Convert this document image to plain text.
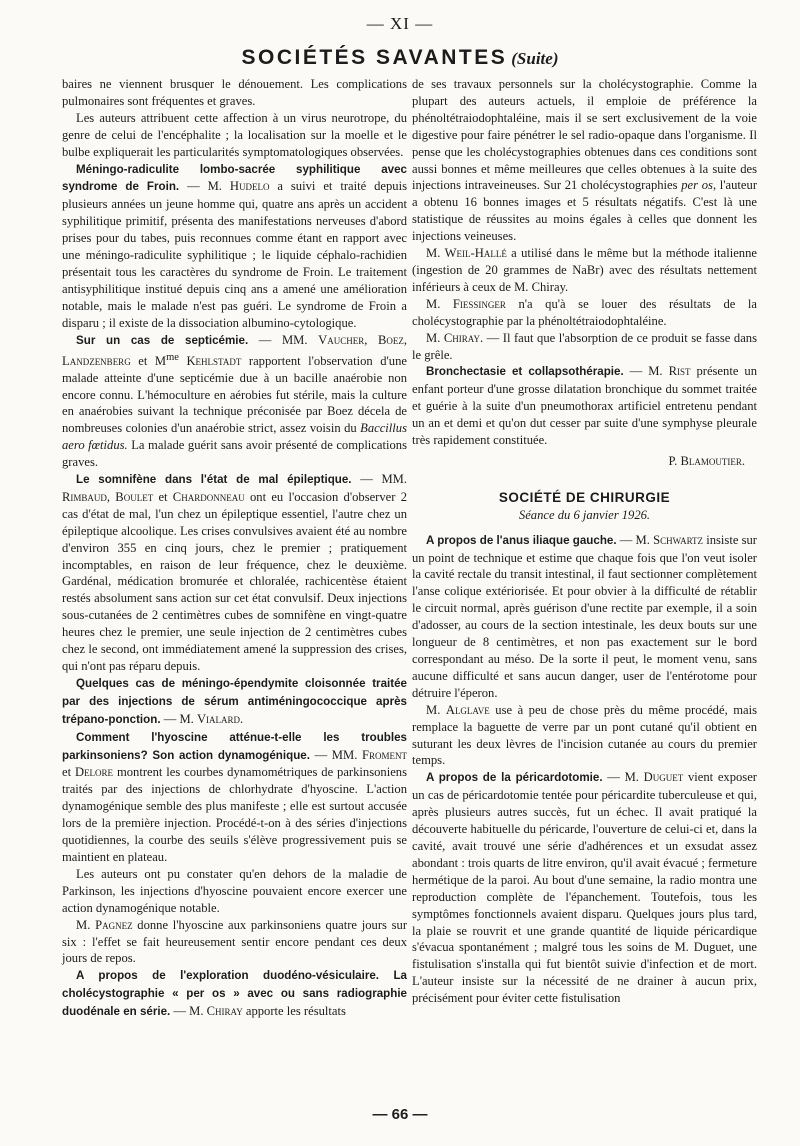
— XI —
SOCIÉTÉS SAVANTES (Suite)

baires ne viennent brusquer le dénouement. Les complications pulmonaires sont fréquentes et graves.

Les auteurs attribuent cette affection à un virus neurotrope, du genre de celui de l'encéphalite ; la localisation sur la moelle et le bulbe expliquerait les particularités symptomatologiques observées.

Méningo-radiculite lombo-sacrée syphilitique avec syndrome de Froin. — M. Hudelo a suivi et traité depuis plusieurs années un jeune homme qui, quatre ans après un accident syphilitique primitif, présenta des manifestations nerveuses d'abord prises pour du tabes, puis reconnues comme étant en rapport avec une méningo-radiculite syphilitique ; le liquide céphalo-rachidien présentait tous les caractères du syndrome de Froin. Le traitement antisyphilitique institué depuis cinq ans a amené une amélioration notable, mais le malade n'est pas guéri. Le syndrome de Froin a disparu ; il existe de la dissociation albumino-cytologique.

Sur un cas de septicémie. — MM. Vaucher, Boez, Landzenberg et $M^{me}$ Kehlstadt rapportent l'observation d'une malade atteinte d'une septicémie due à un bacille anaérobie non encore connu. L'hémoculture en aérobies fut stérile, mais la culture en anaérobies suivant la technique préconisée par Boez décela de nombreuses colonies d'un anaérobie strict, assez voisin du Baccillus aero fœtidus. La malade guérit sans avoir présenté de complications graves.

Le somnifène dans l'état de mal épileptique. — MM. Rimbaud, Boulet et Chardonneau ont eu l'occasion d'observer 2 cas d'état de mal, l'un chez un épileptique essentiel, l'autre chez un épileptique alcoolique. Les crises convulsives avaient été au nombre d'environ 355 en cinq jours, chez le premier ; pratiquement incomptables, en raison de leur fréquence, chez le deuxième. Gardénal, médication bromurée et chloralée, rachicentèse étaient restés absolument sans action sur cet état convulsif. Deux injections sous-cutanées de 2 centimètres cubes de somnifène en vingt-quatre heures chez le premier, une seule injection de 2 centimètres cubes chez le second, ont immédiatement amené la suppression des crises, qui n'ont pas réparu depuis.

Quelques cas de méningo-épendymite cloisonnée traitée par des injections de sérum antiméningococcique après trépano-ponction. — M. Vialard.

Comment l'hyoscine atténue-t-elle les troubles parkinsoniens? Son action dynamogénique. — MM. Froment et Delore montrent les courbes dynamométriques de parkinsoniens traités par des injections de chlorhydrate d'hyoscine. L'action dynamogénique semble des plus manifeste ; elle est surtout accusée lors de la première injection. Procédé-t-on à des séries d'injections quotidiennes, la courbe des seuils s'élève progressivement puis se maintient en plateau.

Les auteurs ont pu constater qu'en dehors de la maladie de Parkinson, les injections d'hyoscine pouvaient encore exercer une action dynamogénique notable.

M. Pagnez donne l'hyoscine aux parkinsoniens quatre jours sur six : l'effet se fait heureusement sentir encore pendant ces deux jours de repos.

A propos de l'exploration duodéno-vésiculaire. La cholécystographie « per os » avec ou sans radiographie duodénale en série. — M. Chiray apporte les résultats

de ses travaux personnels sur la cholécystographie. Comme la plupart des auteurs actuels, il emploie de préférence la phénoltétraiodophtaléine, mais il se sert exclusivement de la voie digestive pour faire pénétrer le sel radio-opaque dans l'organisme. Il pense que les cholécystographies obtenues dans ces conditions sont aussi bonnes et même meilleures que celles obtenues à la suite des injections intraveineuses. Sur 21 cholécystographies per os, l'auteur a obtenu 16 bonnes images et 5 résultats négatifs. C'est là une statistique de réussites au moins égales à celles que donnent les injections veineuses.

M. Weil-Hallé a utilisé dans le même but la méthode italienne (ingestion de 20 grammes de NaBr) avec des résultats nettement inférieurs à ceux de M. Chiray.

M. Fiessinger n'a qu'à se louer des résultats de la cholécystographie par la phénoltétraiodophtaléine.

M. Chiray. — Il faut que l'absorption de ce produit se fasse dans le grêle.

Bronchectasie et collapsothérapie. — M. Rist présente un enfant porteur d'une grosse dilatation bronchique du sommet traitée et guérie à la suite d'un pneumothorax artificiel entretenu pendant un an et demi et qu'on dut cesser par suite d'une symphyse pleurale très rapidement constituée.

P. Blamoutier.
SOCIÉTÉ DE CHIRURGIE
Séance du 6 janvier 1926.

A propos de l'anus iliaque gauche. — M. Schwartz insiste sur un point de technique et estime que chaque fois que l'on veut isoler la cavité rectale du transit intestinal, il faut sectionner complètement l'anse colique extériorisée. Et pour obvier à la difficulté de rétablir le circuit normal, après guérison d'une rectite par exemple, il a soin d'adosser, au cours de la section intestinale, les deux bouts sur une longueur de 8 centimètres, et non pas exactement sur le bord correspondant au méso. De la sorte il peut, le moment venu, sans aucune difficulté et sans aucun danger, user de l'entérotome pour détruire l'éperon.

M. Alglave use à peu de chose près du même procédé, mais remplace la baguette de verre par un pont cutané qu'il obtient en suturant les deux lèvres de l'incision cutanée au cours du premier temps.

A propos de la péricardotomie. — M. Duguet vient exposer un cas de péricardotomie tentée pour péricardite tuberculeuse et qui, après plusieurs autres succès, fut un échec. Il avait pratiqué la découverte habituelle du péricarde, l'ouverture de celui-ci et, dans la cavité, avait trouvé une série d'adhérences et un exsudat assez abondant : trois quarts de litre environ, qu'il avait évacué ; fermeture hermétique de la paroi. Au bout d'une semaine, la radio montra une reproduction complète de l'épanchement. Toutefois, tous les symptômes fonctionnels avaient disparu. Quelques jours plus tard, la plaie se rouvrit et une grande quantité de liquide péricardique s'évacua spontanément ; malgré tous les soins de M. Duguet, une fistulisation s'installa qui fut bientôt suivie d'infection et de mort. L'auteur insiste sur la nécessité de ne drainer à aucun prix, précisément pour éviter cette fistulisation

— 66 —
